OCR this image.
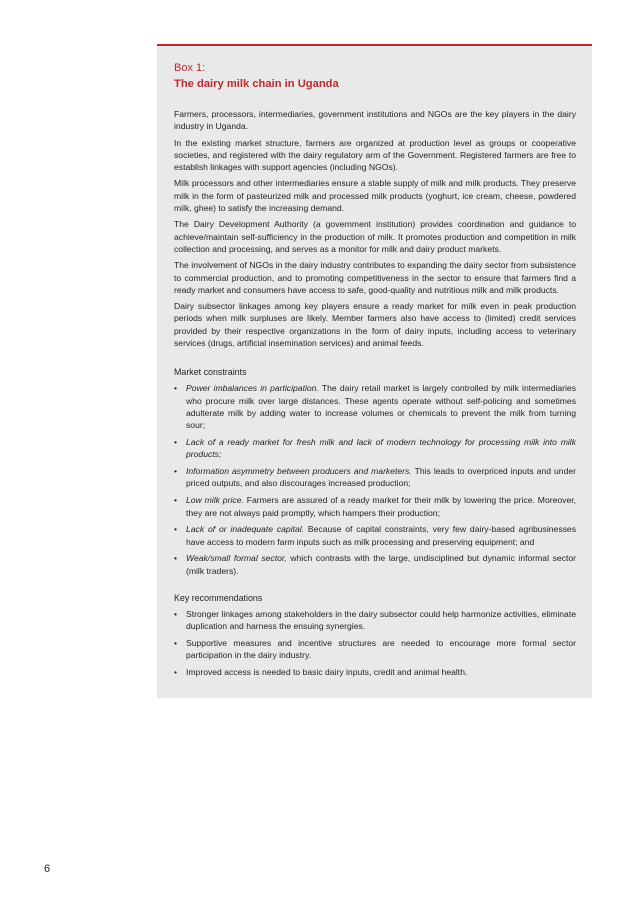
Box 1:

The dairy milk chain in Uganda

Farmers, processors, intermediaries, government institutions and NGOs are the key players in the dairy industry in Uganda.

In the existing market structure, farmers are organized at production level as groups or cooperative societies, and registered with the dairy regulatory arm of the Government. Registered farmers are free to establish linkages with support agencies (including NGOs).

Milk processors and other intermediaries ensure a stable supply of milk and milk products. They preserve milk in the form of pasteurized milk and processed milk products (yoghurt, ice cream, cheese, powdered milk, ghee) to satisfy the increasing demand.

The Dairy Development Authority (a government institution) provides coordination and guidance to achieve/maintain self-sufficiency in the production of milk. It promotes production and competition in milk collection and processing, and serves as a monitor for milk and dairy product markets.

The involvement of NGOs in the dairy industry contributes to expanding the dairy sector from subsistence to commercial production, and to promoting competitiveness in the sector to ensure that farmers find a ready market and consumers have access to safe, good-quality and nutritious milk and milk products.

Dairy subsector linkages among key players ensure a ready market for milk even in peak production periods when milk surpluses are likely. Member farmers also have access to (limited) credit services provided by their respective organizations in the form of dairy inputs, including access to veterinary services (drugs, artificial insemination services) and animal feeds.

Market constraints

• Power imbalances in participation. The dairy retail market is largely controlled by milk intermediaries who procure milk over large distances. These agents operate without self-policing and sometimes adulterate milk by adding water to increase volumes or chemicals to prevent the milk from turning sour;
• Lack of a ready market for fresh milk and lack of modern technology for processing milk into milk products;
• Information asymmetry between producers and marketers. This leads to overpriced inputs and under priced outputs, and also discourages increased production;
• Low milk price. Farmers are assured of a ready market for their milk by lowering the price. Moreover, they are not always paid promptly, which hampers their production;
• Lack of or inadequate capital. Because of capital constraints, very few dairy-based agribusinesses have access to modern farm inputs such as milk processing and preserving equipment; and
• Weak/small formal sector, which contrasts with the large, undisciplined but dynamic informal sector (milk traders).

Key recommendations

• Stronger linkages among stakeholders in the dairy subsector could help harmonize activities, eliminate duplication and harness the ensuing synergies.
• Supportive measures and incentive structures are needed to encourage more formal sector participation in the dairy industry.
• Improved access is needed to basic dairy inputs, credit and animal health.

6
